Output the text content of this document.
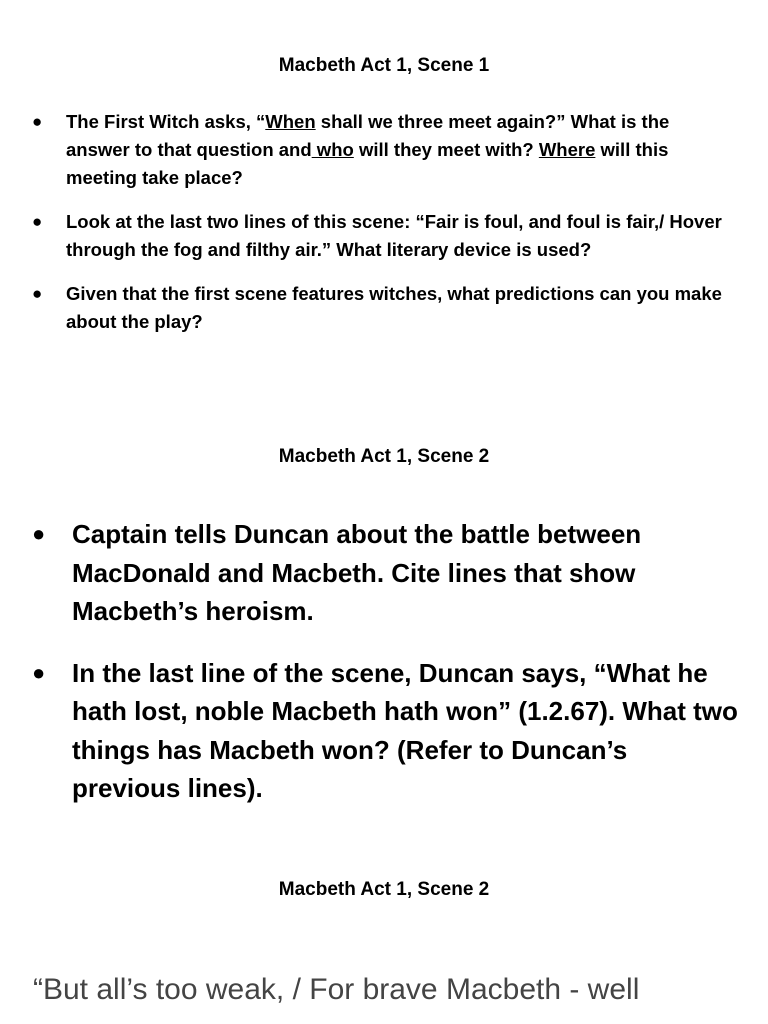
Macbeth Act 1, Scene 1
● The First Witch asks, “When shall we three meet again?” What is the answer to that question and who will they meet with? Where will this meeting take place?
● Look at the last two lines of this scene: “Fair is foul, and foul is fair,/ Hover through the fog and filthy air.” What literary device is used?
● Given that the first scene features witches, what predictions can you make about the play?
Macbeth Act 1, Scene 2
● Captain tells Duncan about the battle between MacDonald and Macbeth. Cite lines that show Macbeth’s heroism.
● In the last line of the scene, Duncan says, “What he hath lost, noble Macbeth hath won” (1.2.67). What two things has Macbeth won? (Refer to Duncan’s previous lines).
Macbeth Act 1, Scene 2
“But all’s too weak, / For brave Macbeth - well
